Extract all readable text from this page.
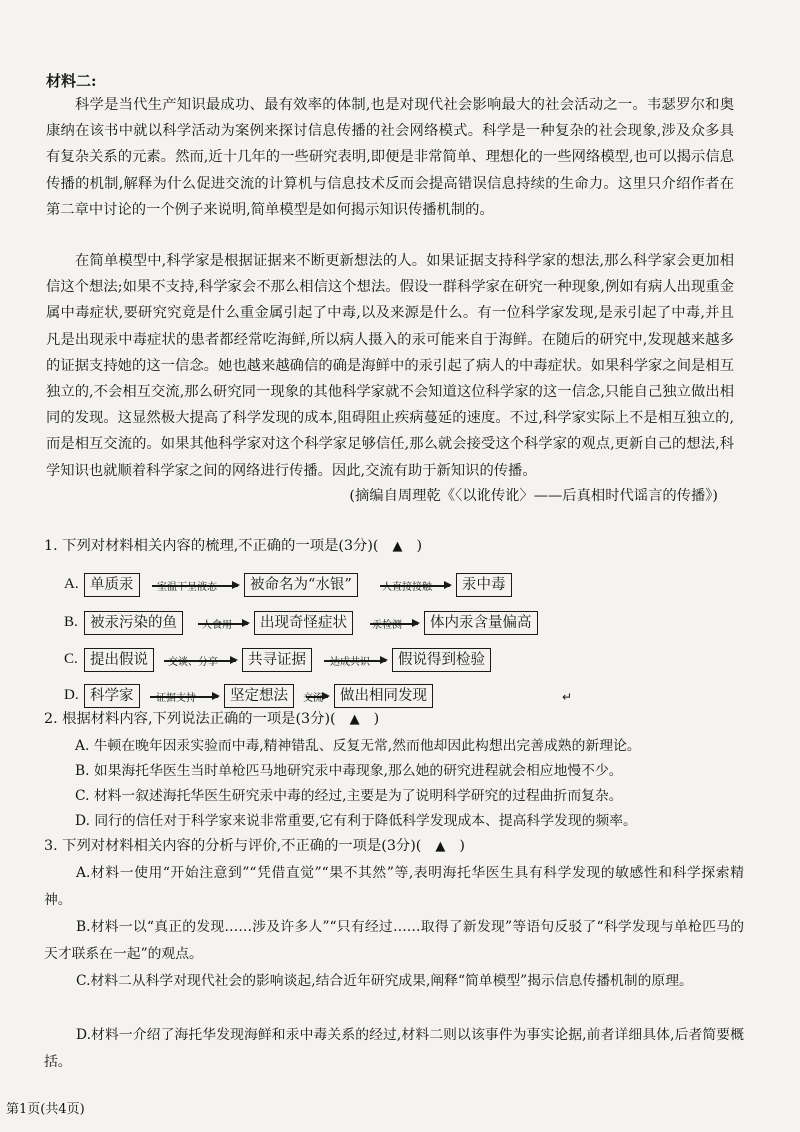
材料二:
科学是当代生产知识最成功、最有效率的体制,也是对现代社会影响最大的社会活动之一。韦瑟罗尔和奥康纳在该书中就以科学活动为案例来探讨信息传播的社会网络模式。科学是一种复杂的社会现象,涉及众多具有复杂关系的元素。然而,近十几年的一些研究表明,即便是非常简单、理想化的一些网络模型,也可以揭示信息传播的机制,解释为什么促进交流的计算机与信息技术反而会提高错误信息持续的生命力。这里只介绍作者在第二章中讨论的一个例子来说明,简单模型是如何揭示知识传播机制的。
在简单模型中,科学家是根据证据来不断更新想法的人。如果证据支持科学家的想法,那么科学家会更加相信这个想法;如果不支持,科学家会不那么相信这个想法。假设一群科学家在研究一种现象,例如有病人出现重金属中毒症状,要研究究竟是什么重金属引起了中毒,以及来源是什么。有一位科学家发现,是汞引起了中毒,并且凡是出现汞中毒症状的患者都经常吃海鲜,所以病人摄入的汞可能来自于海鲜。在随后的研究中,发现越来越多的证据支持她的这一信念。她也越来越确信的确是海鲜中的汞引起了病人的中毒症状。如果科学家之间是相互独立的,不会相互交流,那么研究同一现象的其他科学家就不会知道这位科学家的这一信念,只能自己独立做出相同的发现。这显然极大提高了科学发现的成本,阻碍阻止疾病蔓延的速度。不过,科学家实际上不是相互独立的,而是相互交流的。如果其他科学家对这个科学家足够信任,那么就会接受这个科学家的观点,更新自己的想法,科学知识也就顺着科学家之间的网络进行传播。因此,交流有助于新知识的传播。
(摘编自周理乾《〈以讹传讹〉——后真相时代谣言的传播》)
1. 下列对材料相关内容的梳理,不正确的一项是(3分)( ▲ )
A. 单质汞	室温下呈液态	被命名为“水银”	人直接接触	汞中毒
B. 被汞污染的鱼	人食用	出现奇怪症状	汞检测	体内汞含量偏高
C. 提出假说	交谈、分享	共寻证据	达成共识	假说得到检验
D. 科学家	证据支持	坚定想法	交流	做出相同发现	↵
2. 根据材料内容,下列说法正确的一项是(3分)( ▲ )
A. 牛顿在晚年因汞实验而中毒,精神错乱、反复无常,然而他却因此构想出完善成熟的新理论。
B. 如果海托华医生当时单枪匹马地研究汞中毒现象,那么她的研究进程就会相应地慢不少。
C. 材料一叙述海托华医生研究汞中毒的经过,主要是为了说明科学研究的过程曲折而复杂。
D. 同行的信任对于科学家来说非常重要,它有利于降低科学发现成本、提高科学发现的频率。
3. 下列对材料相关内容的分析与评价,不正确的一项是(3分)( ▲ )
A.材料一使用“开始注意到”“凭借直觉”“果不其然”等,表明海托华医生具有科学发现的敏感性和科学探索精神。
B.材料一以“真正的发现……涉及许多人”“只有经过……取得了新发现”等语句反驳了“科学发现与单枪匹马的天才联系在一起”的观点。
C.材料二从科学对现代社会的影响谈起,结合近年研究成果,阐释“简单模型”揭示信息传播机制的原理。
D.材料一介绍了海托华发现海鲜和汞中毒关系的经过,材料二则以该事件为事实论据,前者详细具体,后者简要概括。
第1页(共4页)
